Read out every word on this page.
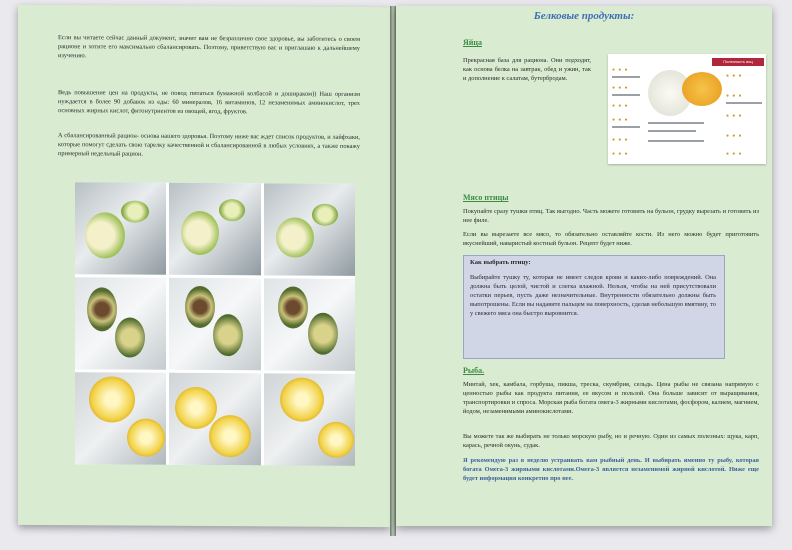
Если вы читаете сейчас данный документ, значит вам не безразлично свое здоровье, вы заботитесь о своем рационе и хотите его максимально сбалансировать. Поэтому, приветствую вас и приглашаю к дальнейшему изучению.

Ведь повышение цен на продукты, не повод питаться бумажной колбасой и дошираком)) Наш организм нуждается в более 90 добавок из еды: 60 минералов, 16 витаминов, 12 незаменимых аминокислот, трех основных жирных кислот, фитонутриентов из овощей, ягод, фруктов.

А сбалансированный рацион- основа нашего здоровья. Поэтому ниже вас ждет список продуктов, и лайфхаки, которые помогут сделать свою тарелку качественной и сбалансированной в любых условиях, а также покажу примерный недельный рацион.

Белковые продукты:
Яйца

Прекрасная база для рациона. Они подходят, как основа белка на завтрак, обед и ужин, так и дополнение к салатам, бутербродам.

Полезность яиц
● ● ●
● ● ●
● ● ●
● ● ●
● ● ●
● ● ●
● ● ●
● ● ●
● ● ●
● ● ●
● ● ●
Мясо птицы

Покупайте сразу тушки птиц. Так выгодно. Часть можете готовить на бульон, грудку вырезать и готовить из нее филе.

Если вы вырезаете все мясо, то обязательно оставляйте кости. Из него можно будет приготовить вкуснейший, наваристый костный бульон. Рецепт будет ниже.

Как выбрать птицу:

Выбирайте тушку ту, которая не имеет следов крови и каких-либо повреждений. Она должна быть целой, чистой и слегка влажной. Нельзя, чтобы на ней присутствовали остатки перьев, пусть даже незначительные. Внутренности обязательно должны быть выпотрошены. Если вы надавите пальцем на поверхность, сделав небольшую вмятину, то у свежего мяса она быстро выровнится.

Рыба.

Минтай, хек, камбала, горбуша, пикша, треска, скумбрия, сельдь. Цена рыбы не связана напрямую с ценностью рыбы как продукта питания, ее вкусом и пользой. Она больше зависит от выращивания, транспортировки и спроса. Морская рыба богата омега-3 жирными кислотами, фосфором, калием, магнием, йодом, незаменимыми аминокислотами.

Вы можете так же выбирать не только морскую рыбу, но и речную. Один из самых полезных: щука, карп, карась, речной окунь, судак.

Я рекомендую раз в неделю устраивать вам рыбный день. И выбирать именно ту рыбу, которая богата Омега-3 жирными кислотами.Омега-3 является незаменимой жирной кислотой. Ниже еще будет информация конкретно про нее.
